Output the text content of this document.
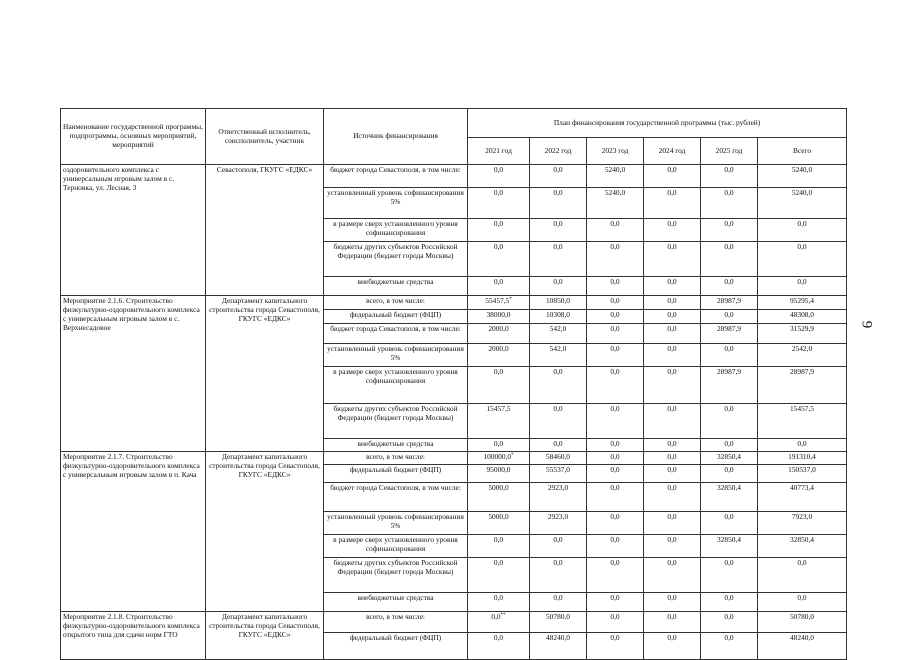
Наименование государственной программы, подпрограммы, основных мероприятий, мероприятий	Ответственный исполнитель, соисполнитель, участник	Источник финансирования	План финансирования государственной программы (тыс. рублей)					
			2021 год	2022 год	2023 год	2024 год	2025 год	Всего
оздоровительного комплекса с универсальным игровым залом в с. Терновка, ул. Лесная, 3	Севастополя, ГКУГС «ЕДКС»	бюджет города Севастополя, в том числе:	0,0	0,0	5240,0	0,0	0,0	5240,0
		установленный уровень софинансирования 5%	0,0	0,0	5240,0	0,0	0,0	5240,0
		в размере сверх установленного уровня софинансирования	0,0	0,0	0,0	0,0	0,0	0,0
		бюджеты других субъектов Российской Федерации (бюджет города Москвы)	0,0	0,0	0,0	0,0	0,0	0,0
		внебюджетные средства	0,0	0,0	0,0	0,0	0,0	0,0
Мероприятие 2.1.6. Строительство физкультурно-оздоровительного комплекса с универсальным игровым залом в с. Верхнесадовое	Департамент капитального строительства города Севастополя, ГКУГС «ЕДКС»	всего, в том числе:	55457,5*	10850,0	0,0	0,0	28987,9	95295,4
		федеральный бюджет (ФЦП)	38000,0	10308,0	0,0	0,0	0,0	48308,0
		бюджет города Севастополя, в том числе:	2000,0	542,0	0,0	0,0	28987,9	31529,9
		установленный уровень софинансирования 5%	2000,0	542,0	0,0	0,0	0,0	2542,0
		в размере сверх установленного уровня софинансирования	0,0	0,0	0,0	0,0	28987,9	28987,9
		бюджеты других субъектов Российской Федерации (бюджет города Москвы)	15457,5	0,0	0,0	0,0	0,0	15457,5
		внебюджетные средства	0,0	0,0	0,0	0,0	0,0	0,0
Мероприятие 2.1.7. Строительство физкультурно-оздоровительного комплекса с универсальным игровым залом в п. Кача	Департамент капитального строительства города Севастополя, ГКУГС «ЕДКС»	всего, в том числе:	100000,0*	58460,0	0,0	0,0	32850,4	191310,4
		федеральный бюджет (ФЦП)	95000,0	55537,0	0,0	0,0	0,0	150537,0
		бюджет города Севастополя, в том числе:	5000,0	2923,0	0,0	0,0	32850,4	40773,4
		установленный уровень софинансирования 5%	5000,0	2923,0	0,0	0,0	0,0	7923,0
		в размере сверх установленного уровня софинансирования	0,0	0,0	0,0	0,0	32850,4	32850,4
		бюджеты других субъектов Российской Федерации (бюджет города Москвы)	0,0	0,0	0,0	0,0	0,0	0,0
		внебюджетные средства	0,0	0,0	0,0	0,0	0,0	0,0
Мероприятие 2.1.8. Строительство физкультурно-оздоровительного комплекса открытого типа для сдачи норм ГТО	Департамент капитального строительства города Севастополя, ГКУГС «ЕДКС»	всего, в том числе:	0,0**	50780,0	0,0	0,0	0,0	50780,0
		федеральный бюджет (ФЦП)	0,0	48240,0	0,0	0,0	0,0	48240,0
9
